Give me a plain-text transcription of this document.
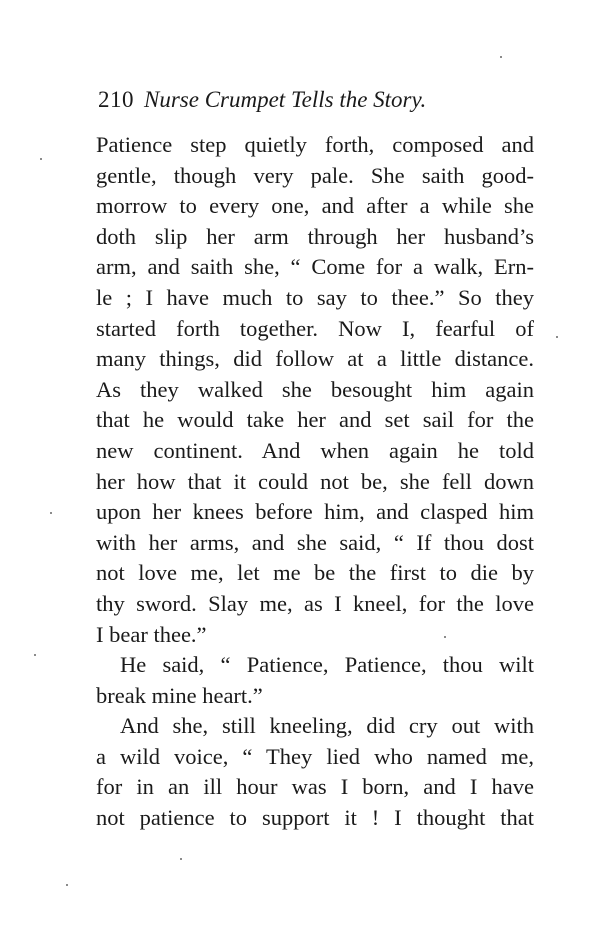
210 Nurse Crumpet Tells the Story.
Patience step quietly forth, composed and
gentle, though very pale. She saith good-
morrow to every one, and after a while she
doth slip her arm through her husband’s
arm, and saith she, “ Come for a walk, Ern-
le ; I have much to say to thee.” So they
started forth together. Now I, fearful of
many things, did follow at a little distance.
As they walked she besought him again
that he would take her and set sail for the
new continent. And when again he told
her how that it could not be, she fell down
upon her knees before him, and clasped him
with her arms, and she said, “ If thou dost
not love me, let me be the first to die by
thy sword. Slay me, as I kneel, for the love
I bear thee.”
He said, “ Patience, Patience, thou wilt
break mine heart.”
And she, still kneeling, did cry out with
a wild voice, “ They lied who named me,
for in an ill hour was I born, and I have
not patience to support it ! I thought that
